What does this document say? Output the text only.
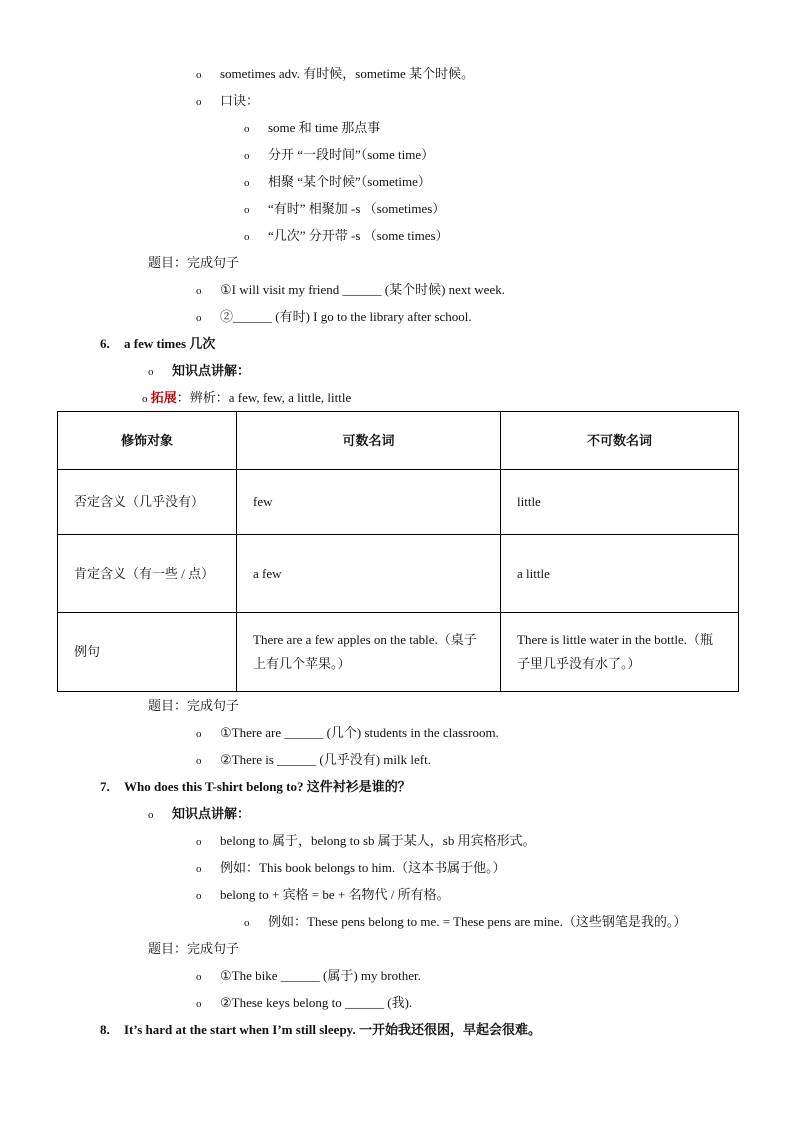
o sometimes adv. 有时候，sometime 某个时候。
o 口诀：
o some 和 time 那点事
o 分开 “一段时间”（some time）
o 相聚 “某个时候”（sometime）
o “有时” 相聚加 -s （sometimes）
o “几次” 分开带 -s （some times）
题目：完成句子
o ①I will visit my friend ______ (某个时候) next week.
o ②______ (有时) I go to the library after school.
6. a few times 几次
o 知识点讲解：
o 拓展：辨析：a few, few, a little, little
修饰对象	可数名词	不可数名词
否定含义（几乎没有）	few	little
肯定含义（有一些 / 点）	a few	a little
例句	There are a few apples on the table.（桌子上有几个苹果。）	There is little water in the bottle.（瓶子里几乎没有水了。）
题目：完成句子
o ①There are ______ (几个) students in the classroom.
o ②There is ______ (几乎没有) milk left.
7. Who does this T-shirt belong to? 这件衬衫是谁的？
o 知识点讲解：
o belong to 属于，belong to sb 属于某人，sb 用宾格形式。
o 例如：This book belongs to him.（这本书属于他。）
o belong to + 宾格 = be + 名物代 / 所有格。
o 例如：These pens belong to me. = These pens are mine.（这些钢笔是我的。）
题目：完成句子
o ①The bike ______ (属于) my brother.
o ②These keys belong to ______ (我).
8. It’s hard at the start when I’m still sleepy. 一开始我还很困，早起会很难。
